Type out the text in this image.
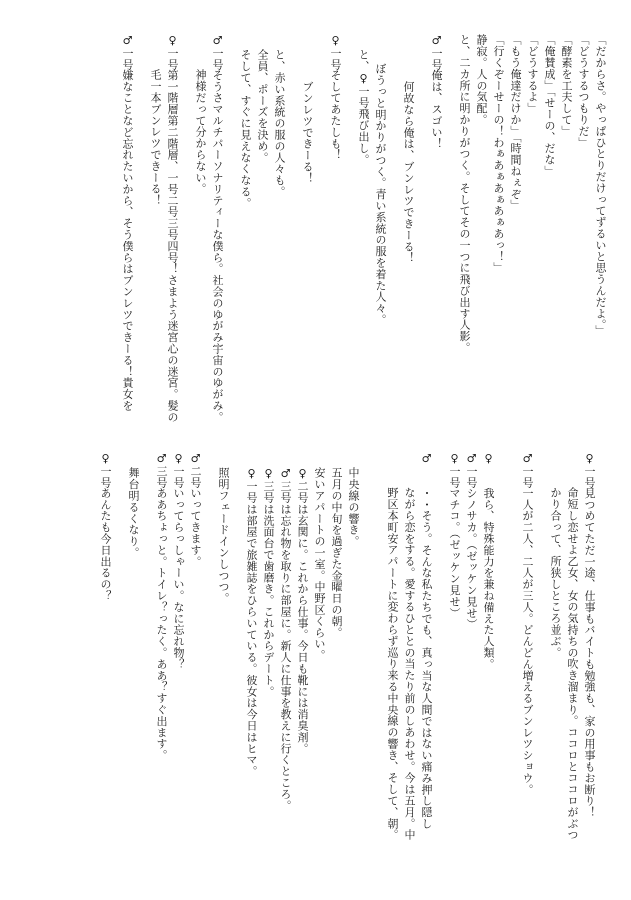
「だからさ。やっぱひとりだけってずるいと思うんだよ。」
「どうするつもりだ」
「酵素を工夫して」
「俺賛成」「せーの、だな」
「どうするよ」
「もう俺達だけか」「時間ねぇぞ」
「行くぞーせーの！わぁあぁあぁあぁあっ！」
静寂。人の気配。
と、二カ所に明かりがつく。そしてその一つに飛び出す人影。
♂一号俺は、スゴい！
何故なら俺は、ブンレツできーる！
ぼうっと明かりがつく。青い系統の服を着た人々。
と、♀一号飛び出し。
♀一号そしてあたしも！
ブンレツできーる！
と、赤い系統の服の人々も。
全員、ポーズを決め。
そして、すぐに見えなくなる。
♂一号そうさマルチパーソナリティーな僕ら。社会のゆがみ宇宙のゆがみ。
神様だって分からない。
♀一号第一階層第二階層、一号二号三号四号！さまよう迷宮心の迷宮。髪の
毛一本ブンレツできーる！
♂一号嫌なことなど忘れたいから、そう僕らはブンレツできーる！貴女を
♀一号見つめてただ一途、仕事もバイトも勉強も、家の用事もお断り！
命短し恋せよ乙女、女の気持ちの吹き溜まり。ココロとココロがぶつ
かり合って、所狭しところ並ぶ。
♂一号一人が二人、二人が三人。どんどん増えるブンレツショウ。
♀我ら、特殊能力を兼ね備えた人類。
♂一号シノサカ。（ゼッケン見せ）
♀一号マチコ。（ゼッケン見せ）
♂・・そう。そんな私たちでも、真っ当な人間ではない痛み押し隠し
ながら恋をする。愛するひととの当たり前のしあわせ。今は五月。中
野区本町安アパートに変わらず巡り来る中央線の響き、そして、朝。
中央線の響き。
五月の中旬を過ぎた金曜日の朝。
安いアパートの一室。中野区くらい。
♀二号は玄関に。これから仕事。今日も靴には消臭剤。
♂三号は忘れ物を取りに部屋に。新人に仕事を教えに行くところ。
♀三号は洗面台で歯磨き。これからデート。
♀一号は部屋で旅雑誌をひらいている。彼女は今日はヒマ。
照明フェードインしつつ。
♂二号いってきます。
♀一号いってらっしゃーい。なに忘れ物？
♂三号ああちょっと。トイレ？ったく。ああ？すぐ出ます。
舞台明るくなり。
♀一号あんたも今日出るの？
